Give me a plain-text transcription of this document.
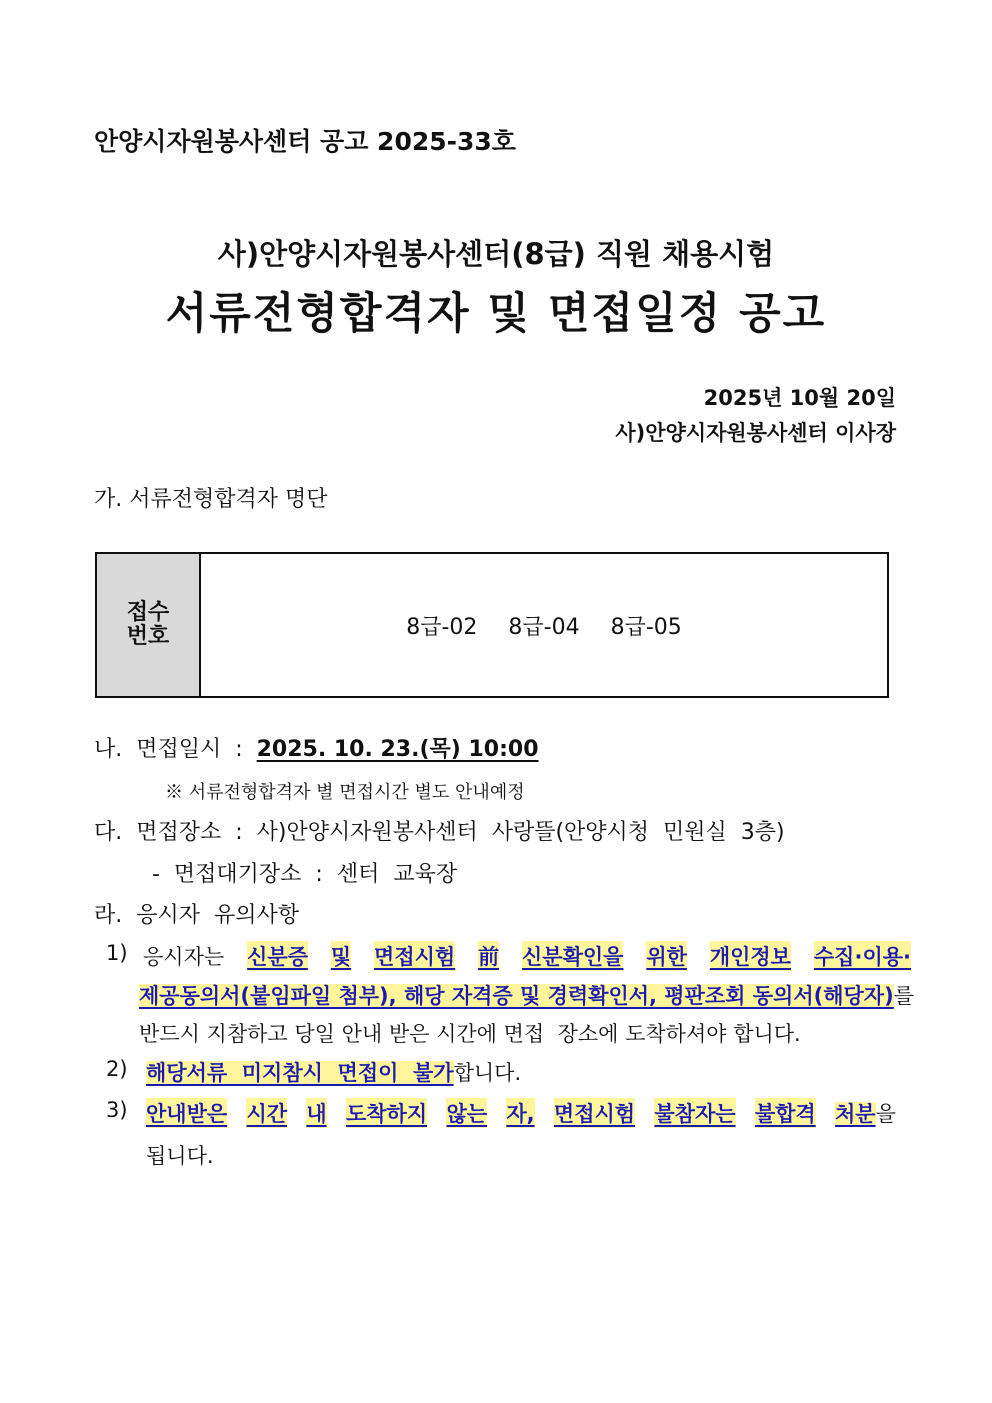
안양시자원봉사센터 공고 2025-33호
사)안양시자원봉사센터(8급) 직원 채용시험
서류전형합격자 및 면접일정 공고
2025년 10월 20일
사)안양시자원봉사센터 이사장
가. 서류전형합격자 명단
접수
번호	8급-02 8급-04 8급-05
나.  면접일시  :  2025. 10. 23.(목) 10:00
※ 서류전형합격자 별 면접시간 별도 안내예정
다.  면접장소  :  사)안양시자원봉사센터  사랑뜰(안양시청  민원실  3층)
-  면접대기장소  :  센터  교육장
라.  응시자  유의사항
1) 응시자는 신분증 및 면접시험 前 신분확인을 위한 개인정보 수집·이용·
제공동의서(붙임파일 첨부), 해당 자격증 및 경력확인서, 평판조회 동의서(해당자)를
반드시 지참하고 당일 안내 받은 시간에 면접  장소에 도착하셔야 합니다.
2) 해당서류  미지참시  면접이  불가합니다.
3) 안내받은 시간 내 도착하지 않는 자, 면접시험 불참자는 불합격 처분을
됩니다.
